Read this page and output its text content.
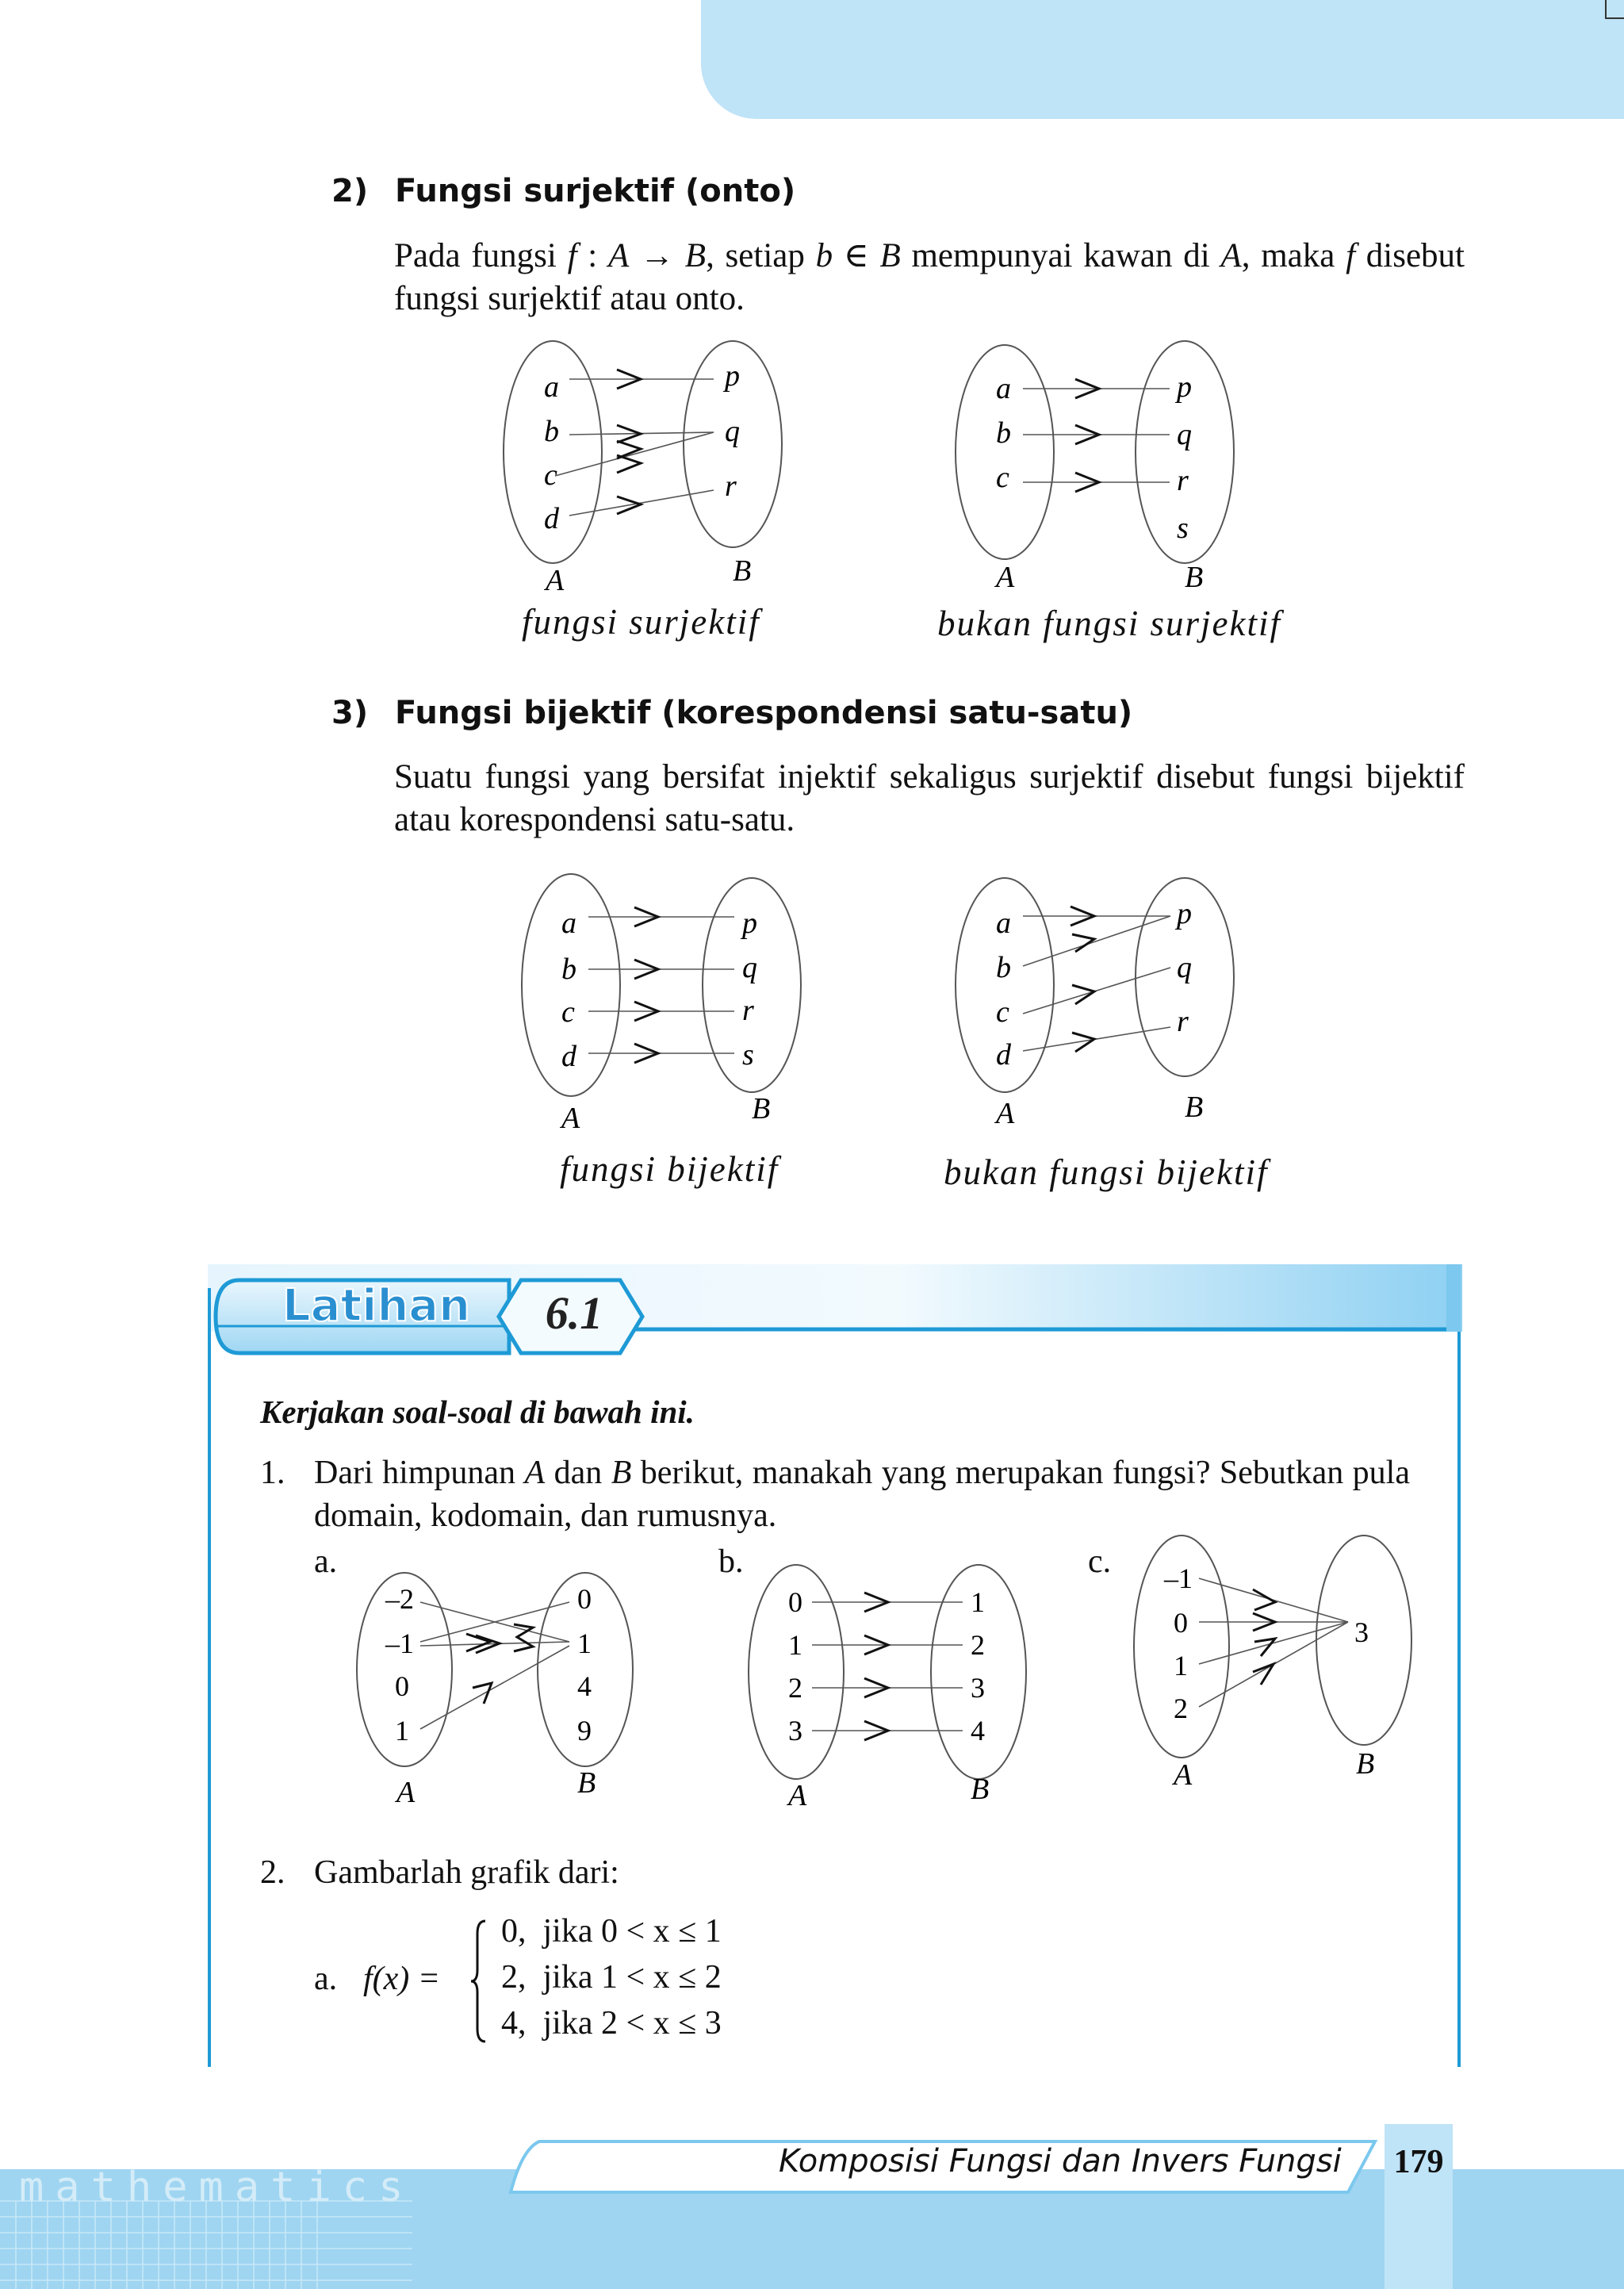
2) Fungsi surjektif (onto)
Pada fungsi f : A → B, setiap b ∈ B mempunyai kawan di A, maka f disebut fungsi surjektif atau onto.
a
b
c
d
p
q
r
A	B
a
b
c
p
q
r
s
A	B
a
b
c
d
p
q
r
s
A	B
a
b
c
d
p
q
r
A	B
fungsi surjektif	bukan fungsi surjektif
3) Fungsi bijektif (korespondensi satu-satu)
Suatu fungsi yang bersifat injektif sekaligus surjektif disebut fungsi bijektif atau korespondensi satu-satu.
fungsi bijektif	bukan fungsi bijektif
Latihan	6.1
Kerjakan soal-soal di bawah ini.
1. Dari himpunan A dan B berikut, manakah yang merupakan fungsi? Sebutkan pula domain, kodomain, dan rumusnya.
a.	b.	c.
–2
–1
0
1
0
1
4
9
A	B
0
1
2
3
1
2
3
4
A	B
–1
0
1
2
3
A	B
2. Gambarlah grafik dari:
a. f(x) =
0,  jika 0 < x ≤ 1
2,  jika 1 < x ≤ 2
4,  jika 2 < x ≤ 3
mathematics
Komposisi Fungsi dan Invers Fungsi 179
